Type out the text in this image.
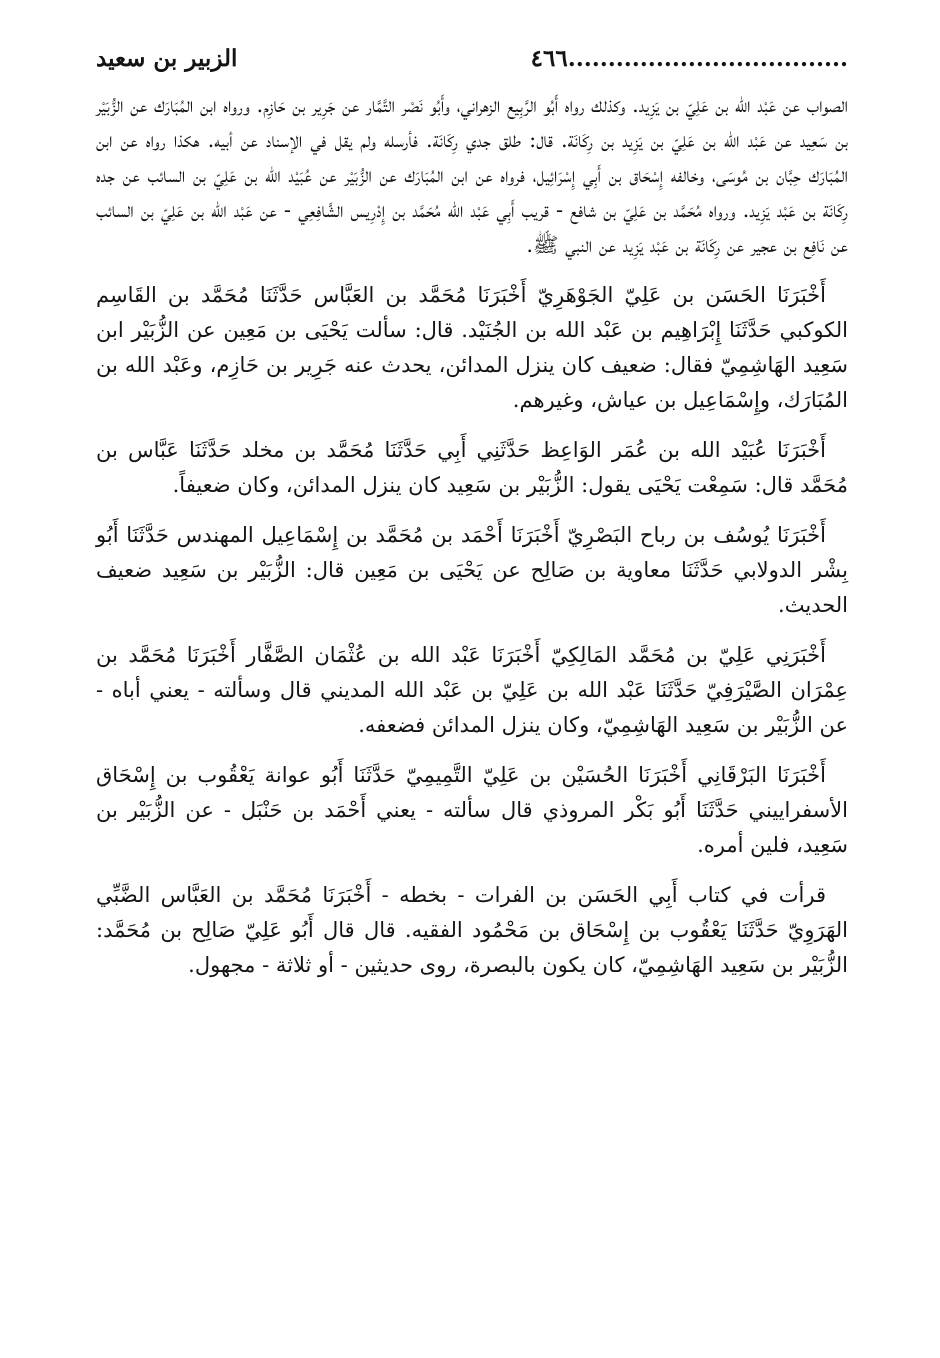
٤٦٦...................................
الزبير بن سعيد

الصواب عن عَبْد الله بن عَلِيّ بن يَزِيد. وكذلك رواه أَبُو الرَّبِيع الزهراني، وأَبُو نَصْر التَّمَّار عن جَرِير بن حَازِم. ورواه ابن المُبَارَك عن الزُّبَيْر بن سَعِيد عن عَبْد الله بن عَلِيّ بن يَزِيد بن رِكَانَة. قال: طلق جدي رِكَانَة. فأرسله ولم يقل في الإسناد عن أبيه. هكذا رواه عن ابن المُبَارَك حِبَّان بن مُوسَى، وخالفه إِسْحَاق بن أَبِي إِسْرَائِيل، فرواه عن ابن المُبَارَك عن الزُّبَيْر عن عُبَيْد الله بن عَلِيّ بن السائب عن جده رِكَانَة بن عَبْد يَزِيد. ورواه مُحَمَّد بن عَلِيّ بن شافع - قريب أَبِي عَبْد الله مُحَمَّد بن إِدْرِيس الشَّافِعِي - عن عَبْد الله بن عَلِيّ بن السائب عن نَافِع بن عجير عن رِكَانَة بن عَبْد يَزِيد عن النبي ﷺ.

أَخْبَرَنَا الحَسَن بن عَلِيّ الجَوْهَرِيّ أَخْبَرَنَا مُحَمَّد بن العَبَّاس حَدَّثَنَا مُحَمَّد بن القَاسِم الكوكبي حَدَّثَنَا إِبْرَاهِيم بن عَبْد الله بن الجُنَيْد. قال: سألت يَحْيَى بن مَعِين عن الزُّبَيْر ابن سَعِيد الهَاشِمِيّ فقال: ضعيف كان ينزل المدائن، يحدث عنه جَرِير بن حَازِم، وعَبْد الله بن المُبَارَك، وإِسْمَاعِيل بن عياش، وغيرهم.

أَخْبَرَنَا عُبَيْد الله بن عُمَر الوَاعِظ حَدَّثَنِي أَبِي حَدَّثَنَا مُحَمَّد بن مخلد حَدَّثَنَا عَبَّاس بن مُحَمَّد قال: سَمِعْت يَحْيَى يقول: الزُّبَيْر بن سَعِيد كان ينزل المدائن، وكان ضعيفاً.

أَخْبَرَنَا يُوسُف بن رباح البَصْرِيّ أَخْبَرَنَا أَحْمَد بن مُحَمَّد بن إِسْمَاعِيل المهندس حَدَّثَنَا أَبُو بِشْر الدولابي حَدَّثَنَا معاوية بن صَالِح عن يَحْيَى بن مَعِين قال: الزُّبَيْر بن سَعِيد ضعيف الحديث.

أَخْبَرَنِي عَلِيّ بن مُحَمَّد المَالِكِيّ أَخْبَرَنَا عَبْد الله بن عُثْمَان الصَّفَّار أَخْبَرَنَا مُحَمَّد بن عِمْرَان الصَّيْرَفِيّ حَدَّثَنَا عَبْد الله بن عَلِيّ بن عَبْد الله المديني قال وسألته - يعني أباه - عن الزُّبَيْر بن سَعِيد الهَاشِمِيّ، وكان ينزل المدائن فضعفه.

أَخْبَرَنَا البَرْقَانِي أَخْبَرَنَا الحُسَيْن بن عَلِيّ التَّمِيمِيّ حَدَّثَنَا أَبُو عوانة يَعْقُوب بن إِسْحَاق الأسفراييني حَدَّثَنَا أَبُو بَكْر المروذي قال سألته - يعني أَحْمَد بن حَنْبَل - عن الزُّبَيْر بن سَعِيد، فلين أمره.

قرأت في كتاب أَبِي الحَسَن بن الفرات - بخطه - أَخْبَرَنَا مُحَمَّد بن العَبَّاس الضَّبِّي الهَرَوِيّ حَدَّثَنَا يَعْقُوب بن إِسْحَاق بن مَحْمُود الفقيه. قال قال أَبُو عَلِيّ صَالِح بن مُحَمَّد: الزُّبَيْر بن سَعِيد الهَاشِمِيّ، كان يكون بالبصرة، روى حديثين - أو ثلاثة - مجهول.
